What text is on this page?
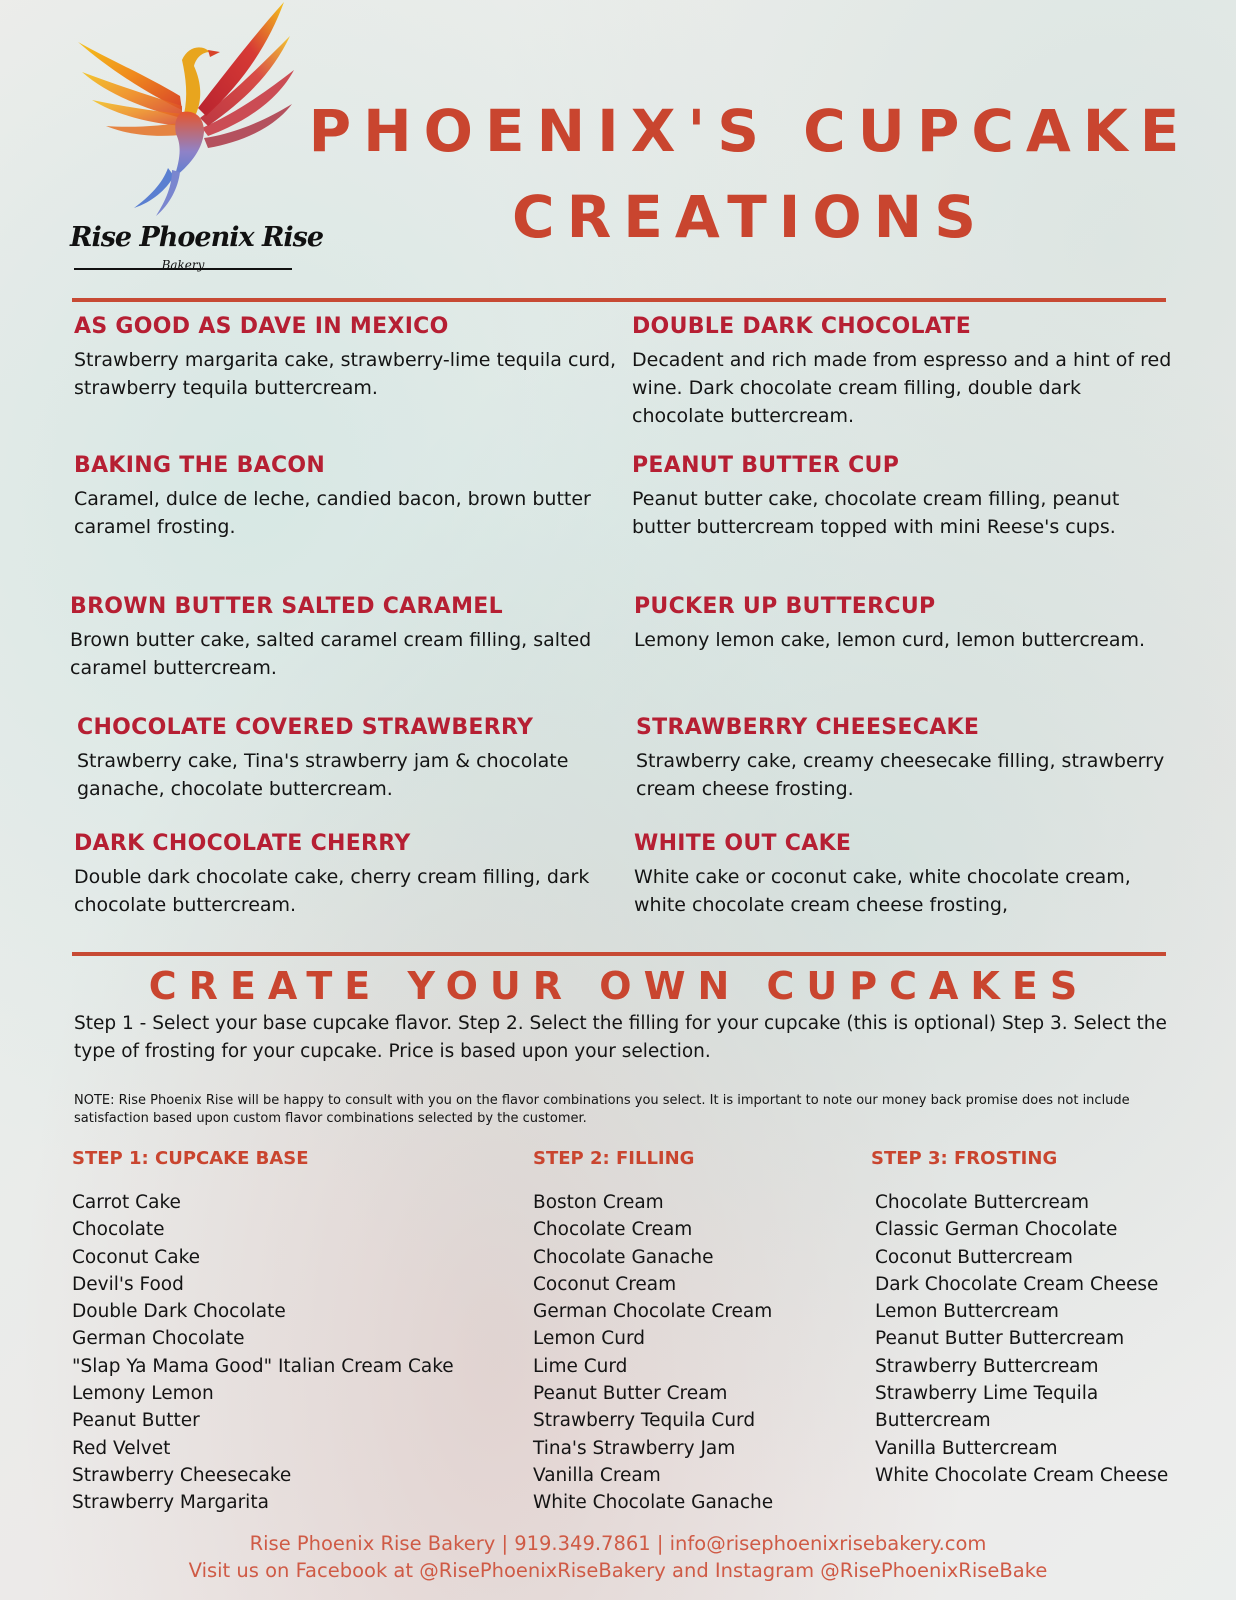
Rise Phoenix Rise
Bakery
PHOENIX'S CUPCAKE
CREATIONS
AS GOOD AS DAVE IN MEXICO
Strawberry margarita cake, strawberry-lime tequila curd, strawberry tequila buttercream.
DOUBLE DARK CHOCOLATE
Decadent and rich made from espresso and a hint of red wine. Dark chocolate cream filling, double dark chocolate buttercream.
BAKING THE BACON
Caramel, dulce de leche, candied bacon, brown butter caramel frosting.
PEANUT BUTTER CUP
Peanut butter cake, chocolate cream filling, peanut butter buttercream topped with mini Reese's cups.
BROWN BUTTER SALTED CARAMEL
Brown butter cake, salted caramel cream filling, salted caramel buttercream.
PUCKER UP BUTTERCUP
Lemony lemon cake, lemon curd, lemon buttercream.
CHOCOLATE COVERED STRAWBERRY
Strawberry cake, Tina's strawberry jam & chocolate ganache, chocolate buttercream.
STRAWBERRY CHEESECAKE
Strawberry cake, creamy cheesecake filling, strawberry cream cheese frosting.
DARK CHOCOLATE CHERRY
Double dark chocolate cake, cherry cream filling, dark chocolate buttercream.
WHITE OUT CAKE
White cake or coconut cake, white chocolate cream, white chocolate cream cheese frosting,
CREATE YOUR OWN CUPCAKES
Step 1 - Select your base cupcake flavor. Step 2. Select the filling for your cupcake (this is optional) Step 3. Select the type of frosting for your cupcake. Price is based upon your selection.
NOTE: Rise Phoenix Rise will be happy to consult with you on the flavor combinations you select. It is important to note our money back promise does not include satisfaction based upon custom flavor combinations selected by the customer.
STEP 1: CUPCAKE BASE
Carrot Cake
Chocolate
Coconut Cake
Devil's Food
Double Dark Chocolate
German Chocolate
"Slap Ya Mama Good" Italian Cream Cake
Lemony Lemon
Peanut Butter
Red Velvet
Strawberry Cheesecake
Strawberry Margarita
STEP 2: FILLING
Boston Cream
Chocolate Cream
Chocolate Ganache
Coconut Cream
German Chocolate Cream
Lemon Curd
Lime Curd
Peanut Butter Cream
Strawberry Tequila Curd
Tina's Strawberry Jam
Vanilla Cream
White Chocolate Ganache
STEP 3: FROSTING
Chocolate Buttercream
Classic German Chocolate
Coconut Buttercream
Dark Chocolate Cream Cheese
Lemon Buttercream
Peanut Butter Buttercream
Strawberry Buttercream
Strawberry Lime Tequila
Buttercream
Vanilla Buttercream
White Chocolate Cream Cheese
Rise Phoenix Rise Bakery | 919.349.7861 | info@risephoenixrisebakery.com
Visit us on Facebook at @RisePhoenixRiseBakery and Instagram @RisePhoenixRiseBake
